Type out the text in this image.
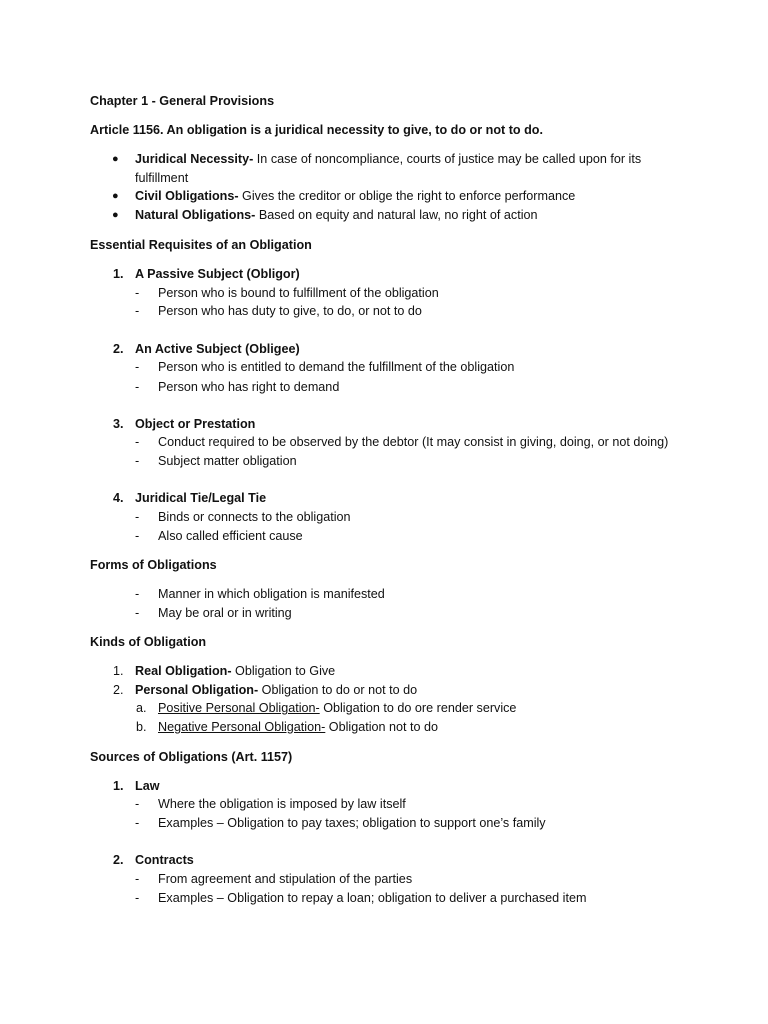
Chapter 1 - General Provisions
Article 1156. An obligation is a juridical necessity to give, to do or not to do.
● Juridical Necessity- In case of noncompliance, courts of justice may be called upon for its
fulfillment
● Civil Obligations- Gives the creditor or oblige the right to enforce performance
● Natural Obligations- Based on equity and natural law, no right of action
Essential Requisites of an Obligation
1. A Passive Subject (Obligor)
- Person who is bound to fulfillment of the obligation
- Person who has duty to give, to do, or not to do
2. An Active Subject (Obligee)
- Person who is entitled to demand the fulfillment of the obligation
- Person who has right to demand
3. Object or Prestation
- Conduct required to be observed by the debtor (It may consist in giving, doing, or not doing)
- Subject matter obligation
4. Juridical Tie/Legal Tie
- Binds or connects to the obligation
- Also called efficient cause
Forms of Obligations
- Manner in which obligation is manifested
- May be oral or in writing
Kinds of Obligation
1. Real Obligation- Obligation to Give
2. Personal Obligation- Obligation to do or not to do
a. Positive Personal Obligation- Obligation to do ore render service
b. Negative Personal Obligation- Obligation not to do
Sources of Obligations (Art. 1157)
1. Law
- Where the obligation is imposed by law itself
- Examples – Obligation to pay taxes; obligation to support one’s family
2. Contracts
- From agreement and stipulation of the parties
- Examples – Obligation to repay a loan; obligation to deliver a purchased item
